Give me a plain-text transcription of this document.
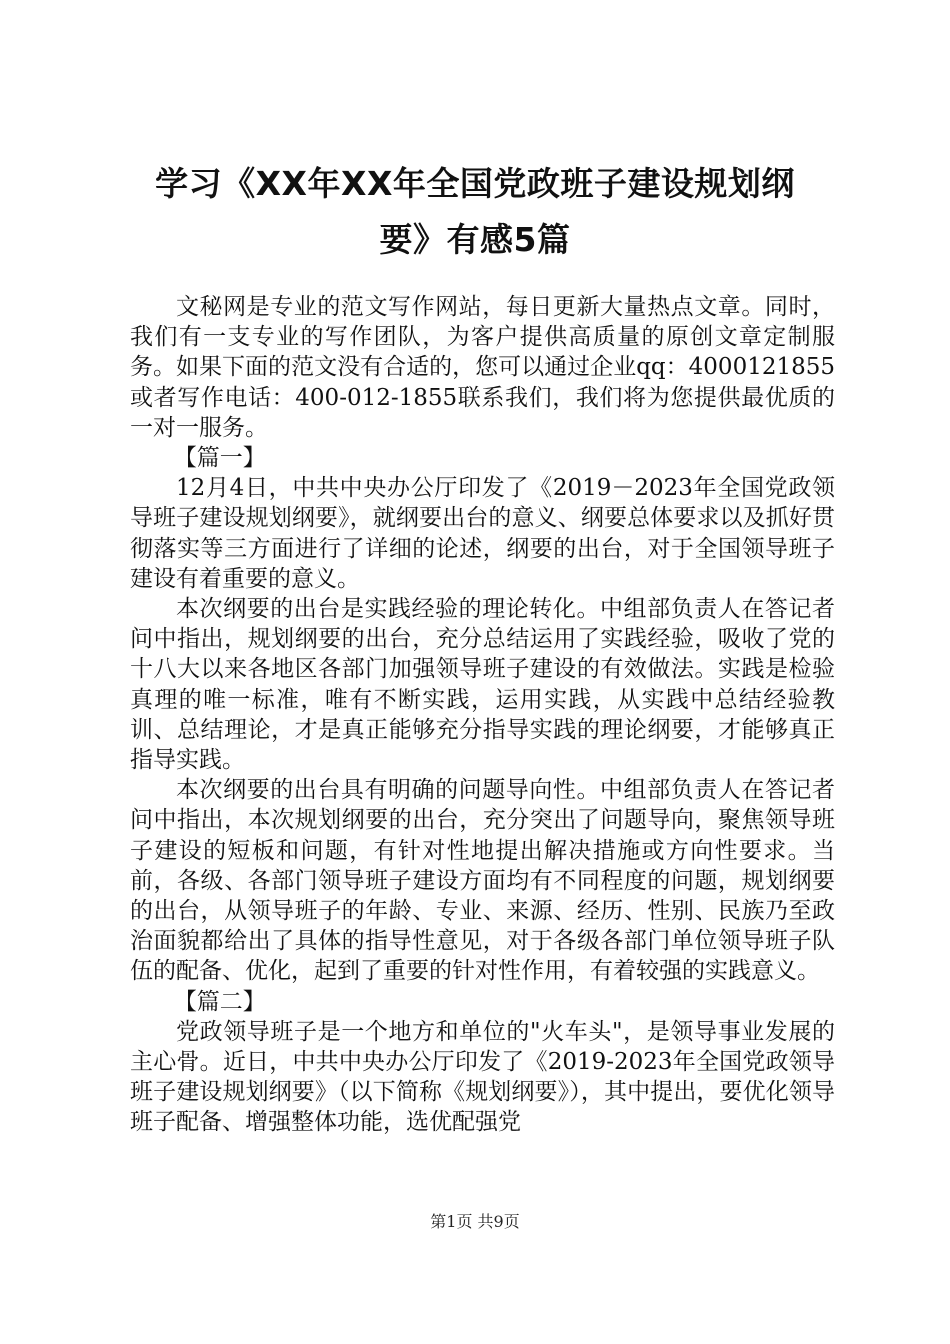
学习《XX年XX年全国党政班子建设规划纲
要》有感5篇

文秘网是专业的范文写作网站，每日更新大量热点文章。同时，我们有一支专业的写作团队，为客户提供高质量的原创文章定制服务。如果下面的范文没有合适的，您可以通过企业qq：4000121855或者写作电话：400-012-1855联系我们，我们将为您提供最优质的一对一服务。

【篇一】

12月4日，中共中央办公厅印发了《2019－2023年全国党政领导班子建设规划纲要》，就纲要出台的意义、纲要总体要求以及抓好贯彻落实等三方面进行了详细的论述，纲要的出台，对于全国领导班子建设有着重要的意义。

本次纲要的出台是实践经验的理论转化。中组部负责人在答记者问中指出，规划纲要的出台，充分总结运用了实践经验，吸收了党的十八大以来各地区各部门加强领导班子建设的有效做法。实践是检验真理的唯一标准，唯有不断实践，运用实践，从实践中总结经验教训、总结理论，才是真正能够充分指导实践的理论纲要，才能够真正指导实践。

本次纲要的出台具有明确的问题导向性。中组部负责人在答记者问中指出，本次规划纲要的出台，充分突出了问题导向，聚焦领导班子建设的短板和问题，有针对性地提出解决措施或方向性要求。当前，各级、各部门领导班子建设方面均有不同程度的问题，规划纲要的出台，从领导班子的年龄、专业、来源、经历、性别、民族乃至政治面貌都给出了具体的指导性意见，对于各级各部门单位领导班子队伍的配备、优化，起到了重要的针对性作用，有着较强的实践意义。

【篇二】

党政领导班子是一个地方和单位的"火车头"，是领导事业发展的主心骨。近日，中共中央办公厅印发了《2019-2023年全国党政领导班子建设规划纲要》（以下简称《规划纲要》），其中提出，要优化领导班子配备、增强整体功能，选优配强党

第1页 共9页
